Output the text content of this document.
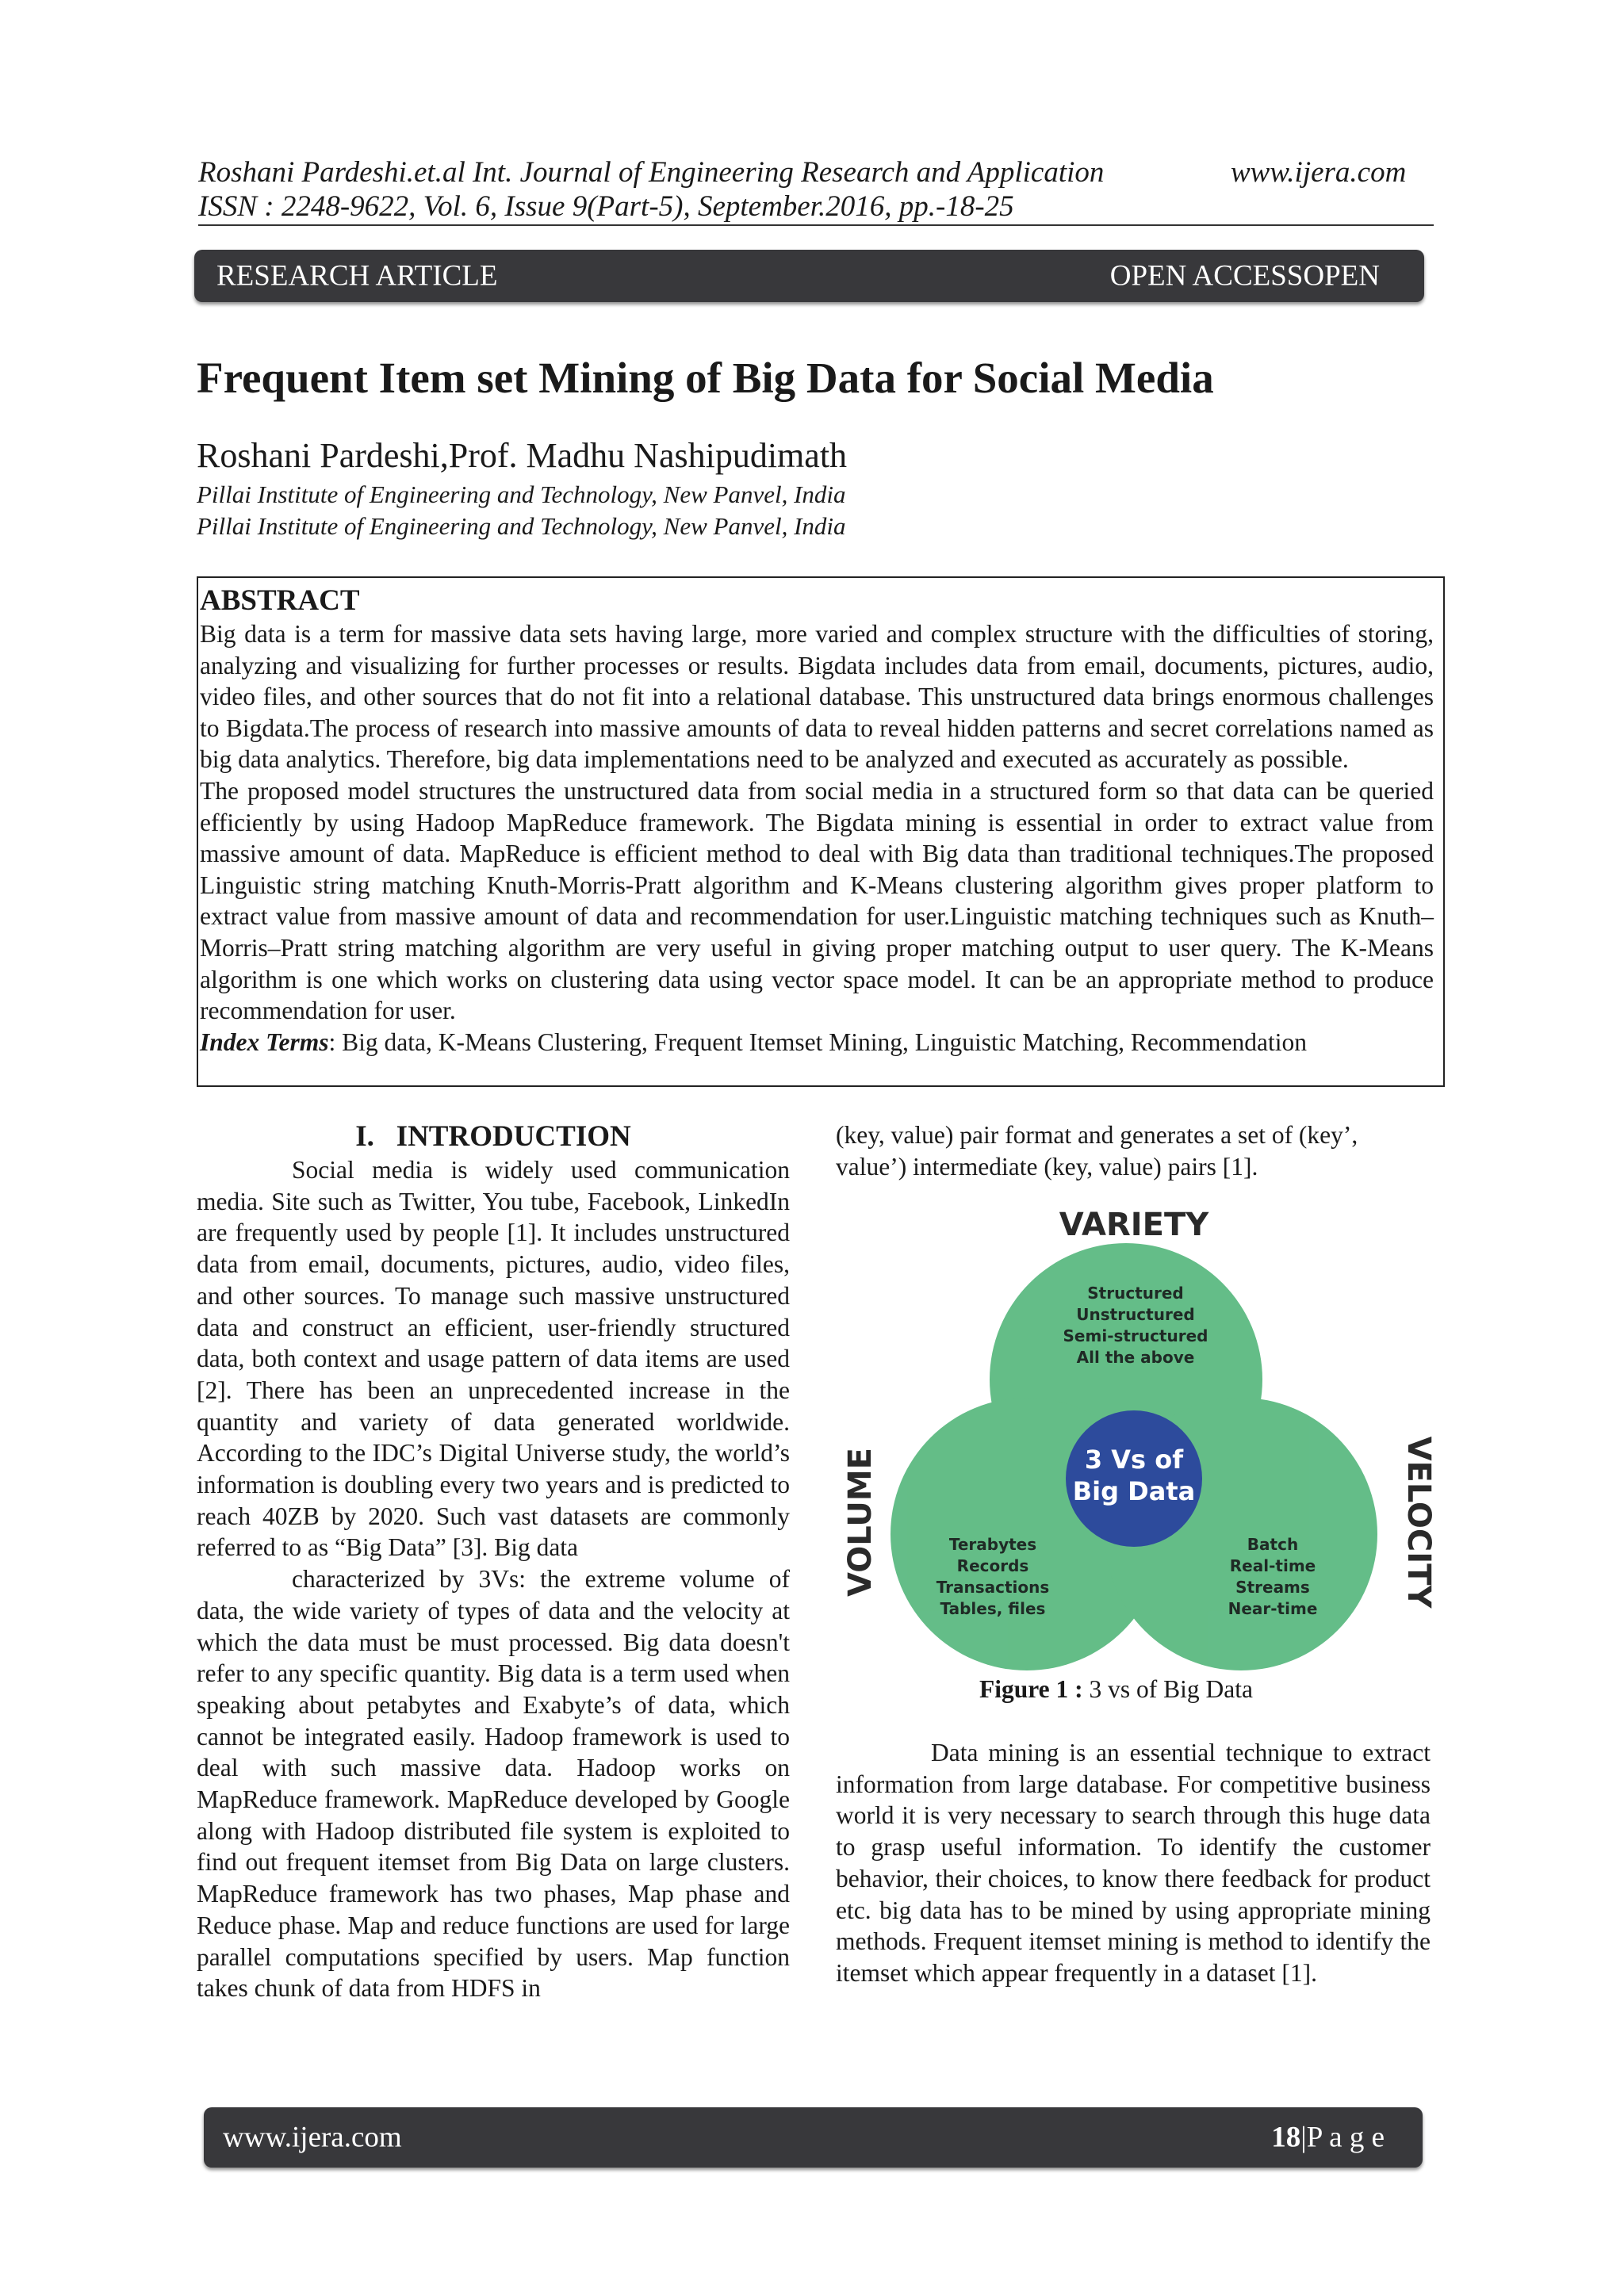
Roshani Pardeshi.et.al Int. Journal of Engineering Research and Application	www.ijera.com
ISSN : 2248-9622, Vol. 6, Issue 9(Part-5), September.2016, pp.-18-25
RESEARCH ARTICLE	OPEN ACCESSOPEN
Frequent Item set Mining of Big Data for Social Media
Roshani Pardeshi,Prof. Madhu Nashipudimath
Pillai Institute of Engineering and Technology, New Panvel, India
Pillai Institute of Engineering and Technology, New Panvel, India
ABSTRACT

Big data is a term for massive data sets having large, more varied and complex structure with the difficulties of storing, analyzing and visualizing for further processes or results. Bigdata includes data from email, documents, pictures, audio, video files, and other sources that do not fit into a relational database. This unstructured data brings enormous challenges to Bigdata.The process of research into massive amounts of data to reveal hidden patterns and secret correlations named as big data analytics. Therefore, big data implementations need to be analyzed and executed as accurately as possible.

The proposed model structures the unstructured data from social media in a structured form so that data can be queried efficiently by using Hadoop MapReduce framework. The Bigdata mining is essential in order to extract value from massive amount of data. MapReduce is efficient method to deal with Big data than traditional techniques.The proposed Linguistic string matching Knuth-Morris-Pratt algorithm and K-Means clustering algorithm gives proper platform to extract value from massive amount of data and recommendation for user.Linguistic matching techniques such as Knuth–Morris–Pratt string matching algorithm are very useful in giving proper matching output to user query. The K-Means algorithm is one which works on clustering data using vector space model. It can be an appropriate method to produce recommendation for user.

Index Terms: Big data, K-Means Clustering, Frequent Itemset Mining, Linguistic Matching, Recommendation

I.   INTRODUCTION

Social media is widely used communication media. Site such as Twitter, You tube, Facebook, LinkedIn are frequently used by people [1]. It includes unstructured data from email, documents, pictures, audio, video files, and other sources. To manage such massive unstructured data and construct an efficient, user-friendly structured data, both context and usage pattern of data items are used [2]. There has been an unprecedented increase in the quantity and variety of data generated worldwide. According to the IDC’s Digital Universe study, the world’s information is doubling every two years and is predicted to reach 40ZB by 2020. Such vast datasets are commonly referred to as “Big Data” [3]. Big data

characterized by 3Vs: the extreme volume of data, the wide variety of types of data and the velocity at which the data must be must processed. Big data doesn't refer to any specific quantity. Big data is a term used when speaking about petabytes and Exabyte’s of data, which cannot be integrated easily. Hadoop framework is used to deal with such massive data. Hadoop works on MapReduce framework. MapReduce developed by Google along with Hadoop distributed file system is exploited to find out frequent itemset from Big Data on large clusters. MapReduce framework has two phases, Map phase and Reduce phase. Map and reduce functions are used for large parallel computations specified by users. Map function takes chunk of data from HDFS in

(key, value) pair format and generates a set of (key’, value’) intermediate (key, value) pairs [1].

3 Vs of
Big Data
VARIETY
Structured
Unstructured
Semi-structured
All the above
VOLUME	Terabytes
Records
Transactions
Tables, files
VELOCITY
Batch
Real-time
Streams
Near-time
Figure 1 : 3 vs of Big Data

Data mining is an essential technique to extract information from large database. For competitive business world it is very necessary to search through this huge data to grasp useful information. To identify the customer behavior, their choices, to know there feedback for product etc. big data has to be mined by using appropriate mining methods. Frequent itemset mining is method to identify the itemset which appear frequently in a dataset [1].

www.ijera.com	18|P a g e
